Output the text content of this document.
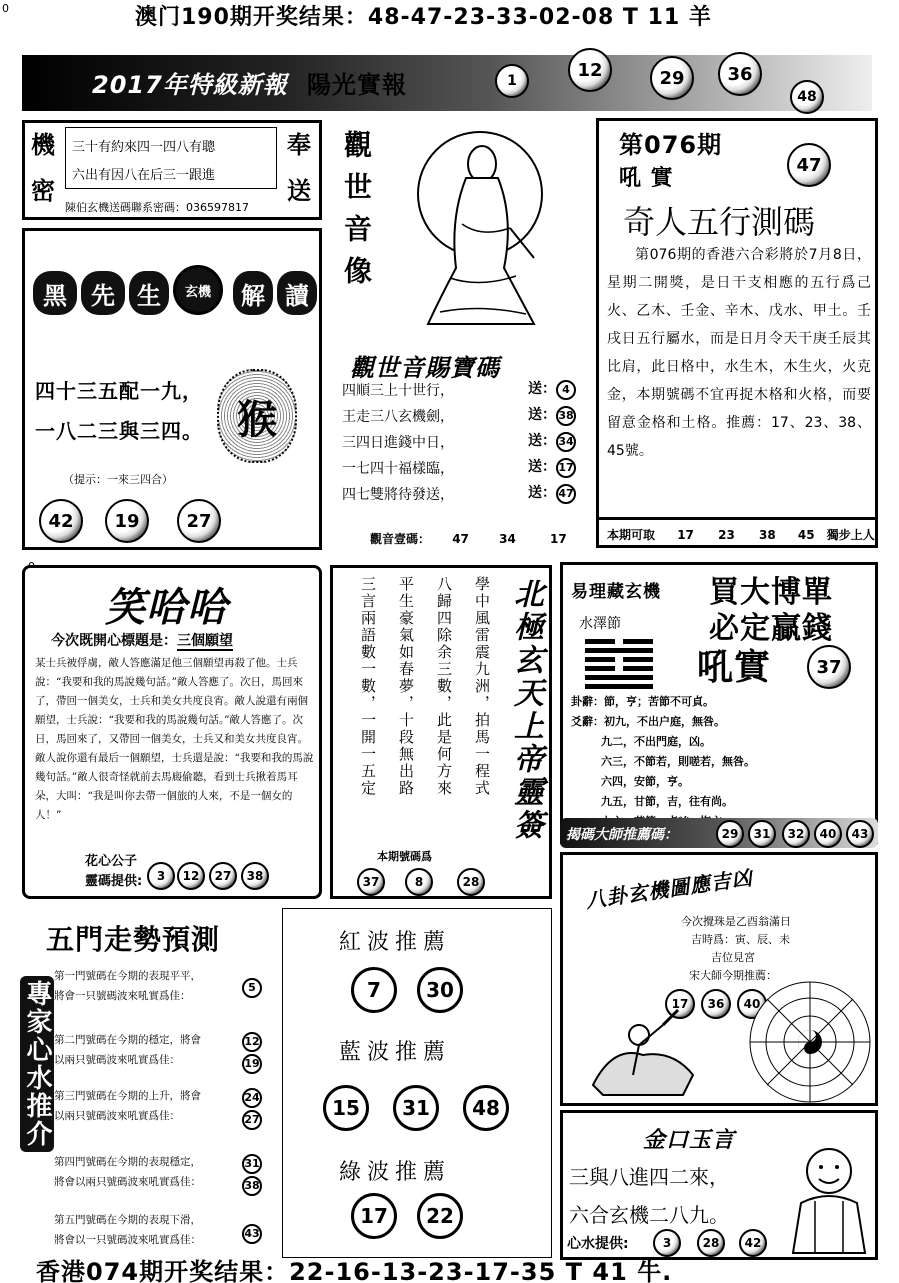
0	澳门190期开奖结果：48-47-23-33-02-08 T 11 羊
2017年特級新報 陽光實報	1
12	29	36
48
機
密
奉
送
三十有約來四一四八有聰
六出有因八在后三一跟進
陳伯玄機送碼聯系密碼：036597817
黑	先 生	玄機	解 讀
四十三五配一九，
一八二三與三四。 猴
（提示：一來三四合）
42	19	27
觀世音像
觀世音賜寶碼
四順三上十世行，	送： 4
王走三八玄機劍，	送： 38
三四日進錢中日，	送： 34
一七四十福樣臨，	送： 17
四七雙將待發送，	送： 47
觀音壹碼： 47	34	17
第076期
吼 實
47
奇人五行測碼
第076期的香港六合彩將於7月8日，星期二開獎，是日干支相應的五行爲己火、乙木、壬金、辛木、戊水、甲土。壬戌日五行屬水，而是日月令天干庚壬辰其比肩，此日格中，水生木，木生火，火克金，本期號碼不宜再捉木格和火格，而要留意金格和土格。推薦：17、23、38、45號。
本期可取 17 23 38 45 獨步上人
笑哈哈
今次既開心標題是：三個願望
某士兵被俘虜，敵人答應滿足他三個願望再殺了他。士兵說：“我要和我的馬說幾句話。”敵人答應了。次日，馬回來了，帶回一個美女，士兵和美女共度良宵。敵人說還有兩個願望，士兵說：“我要和我的馬說幾句話。”敵人答應了。次日，馬回來了，又帶回一個美女，士兵又和美女共度良宵。敵人說你還有最后一個願望，士兵還是說：“我要和我的馬說幾句話。”敵人很奇怪就前去馬廄偷聽，看到士兵揪着馬耳朵，大叫：“我是叫你去帶一個旅的人來，不是一個女的人！”
花心公子
靈碼提供:	3	12	27	38
學中風雷震九洲，拍馬一程式
八歸四除余三數，此是何方來
平生豪氣如春夢，十段無出路
三言兩語數一數，一開一五定	北極玄天上帝靈簽
本期號碼爲
37	8	28
易理藏玄機 買大博單
必定贏錢
水澤節
吼實	37
卦辭：節，亨；苦節不可貞。
爻辭：初九，不出户庭，無咎。
九二，不出門庭，凶。
六三，不節若，則嗟若，無咎。
六四，安節，亨。
九五，甘節，吉，往有尚。
揭碼大師推薦碼：	29	31	32	40	43
八卦玄機圖應吉凶
今次攪珠是乙酉翁滿日
吉時爲：寅、辰、未
吉位見宮
宋大師今期推薦：
17	36	40
金口玉言
三與八進四二來，
六合玄機二八九。
心水提供:	3	28	42
五門走勢預測
專家心水推介
第一門號碼在今期的表現平平，
將會一只號碼波來吼實爲佳：
5
第二門號碼在今期的穩定，將會
以兩只號碼波來吼實爲佳：
12
19
第三門號碼在今期的上升，將會
以兩只號碼波來吼實爲佳：
24
27
第四門號碼在今期的表現穩定，
將會以兩只號碼波來吼實爲佳：
31
38
第五門號碼在今期的表現下滑，
將會以一只號碼波來吼實爲佳：	43
紅波推薦
7	30
藍波推薦
15	31	48
綠波推薦
17	22
香港074期开奖结果：22-16-13-23-17-35 T 41 牛.
